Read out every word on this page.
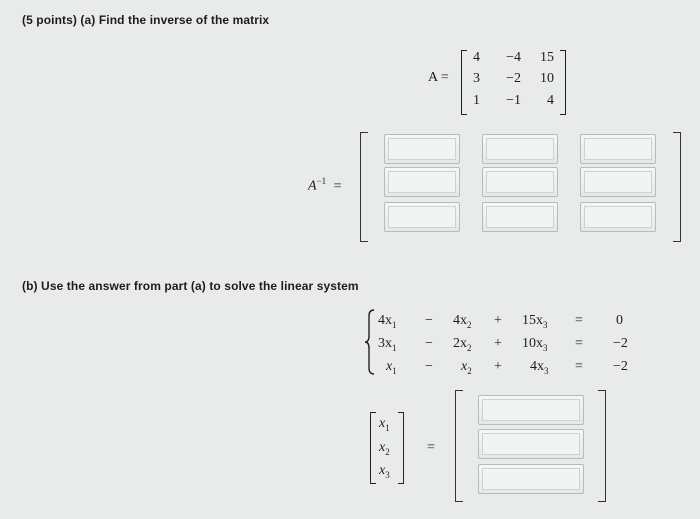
(5 points) (a) Find the inverse of the matrix
A =
4	−4	15
3	−2	10
1	−1	4
$A^{-1}$ =
(b) Use the answer from part (a) to solve the linear system
$4x_1 - 4x_2 + 15x_3 = 0$
$3x_1 - 2x_2 + 10x_3 = -2$
$x_1 - x_2 + 4x_3 = -2$
$x_1$
$x_2$
$x_3$
=
